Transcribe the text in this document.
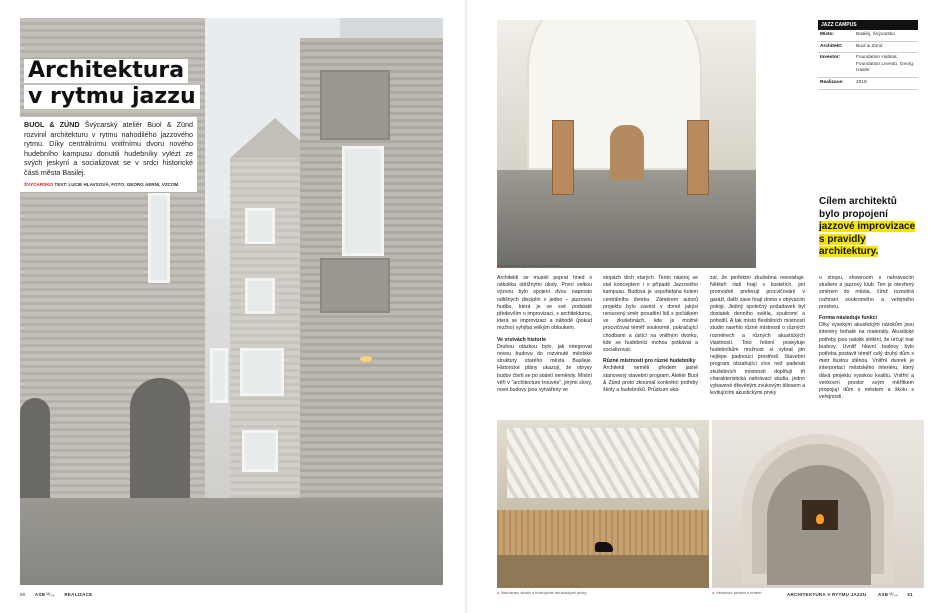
Architektura
v rytmu jazzu

BUOL & ZÜND Švýcarský ateliér Buol & Zünd rozvinil architekturu v rytmu nahodilého jazzového rytmu. Díky centrálnímu vnitřnímu dvoru nového hudebního kampusu donutili hudebníky vylézt ze svých jeskyní a socializovat se v srdci historické části města Basilej.

ŠVÝCARSKO TEXT: LUCIE HLAVSOVÁ, FOTO: GEORG AERNI, VZCOM

50 ASB ᴹ/₀₄ REALIZACE
● Klikaté chodby mezi zkušebnami
JAZZ CAMPUS
Místo:	Basilej, Švýcarsko
Architekt:	Buol & Zünd
Investor:	Foundation Habitat, Foundation Levedo, Georg Hasler
Realizace:	2016
Cílem architektů bylo propojení jazzové improvizace s pravidly architektury.
Architekti se museli poprat hned s několika obtížnými úkoly. První velkou výzvou bylo spojení dvou naprosto odlišných disciplín v jedno – jazzovou hudbu, která je ve své podstatě především o improvizaci, s architekturou, která se improvizací a náhodě (pokud možno) vyhýbá velkým obloukem.
Ve vrstvách historie
Druhou otázkou bylo, jak integrovat novou budovu do rozvinuté městské struktury starého města Basileje. Historické plány ukazují, že obrysy budov čtvrti se po staletí neměnily. Místní věří v "architecture trouvée", jinými slovy, nové budovy jsou vytvářeny ve
stopách těch starých. Tento nástroj se stal konceptem i v případě Jazzového kampusu. Budova je uspořádána kolem centrálního dvorku. Záměrem autorů projektu bylo zavést v domě jakýsi nenucený směr proudění lidí s počátkem ve zkušebnách, kde je možné procvičovat téměř soukromě, pokračující chodbami a ústící na vnitřním dvorku, kde se hudebníci mohou potkávat a socializovat.
Různé místnosti pro různé hudebníky
Architekti neměli předem jasně stanovený stavební program. Ateliér Buol & Zünd proto zkoumal konkrétní potřeby školy a hudebníků. Průzkum uká-
zal, že perfektní zkušebna neexistuje. Někteří rádi hrají v kostelích, jiní promodně preferují procvičování v garáži, další zase hrají doma v obývacím pokoji. Jediný společný požadavek byl dostatek denního světla, soukromí a pohodlí. A tak místo flexibilních místností studio navrhlo různé místnosti o různých rozměrech a různých akustických vlastností. Toto řešení poskytuje hudebníkům možnost si vybrat jim nejlépe padnoucí prostředí. Stavební program obsahující více než padesát zkušebních místností doplňují tři charakteristická nahrávací studia, jedno vybavené dřevěným zvukovým tělesem a levitujícími akustickými prvky
u stropu, showroom s nahrávacím studiem a jazzový klub. Ten je otevřený směrem do města, čímž rozestírá rozhraní soukromého a veřejného prostoru.
Forma následuje funkci
Díky vysokým akustickým nárokům jsou interiéry bohaté na materiály. Akustické potřeby jsou natolik striktní, že určují tvar budovy. Uvnitř hlavní budovy bylo potřeba postavit téměř celý druhý dům s metr tlustou stěnou. Vnitřní dvorek je interpretací městského interiéru, který dává projektu vysokou kvalitu. Vnitřní a venkovní prostor svým měřítkem propojují dům s městem a školu s veřejností.
● Nahrávací studio s levitujícími akustickými prvky
●	Venkovní prostor s krbem	ARCHITEKTURA V RYTMU JAZZU ASB ᴹ/₀₄ 51
